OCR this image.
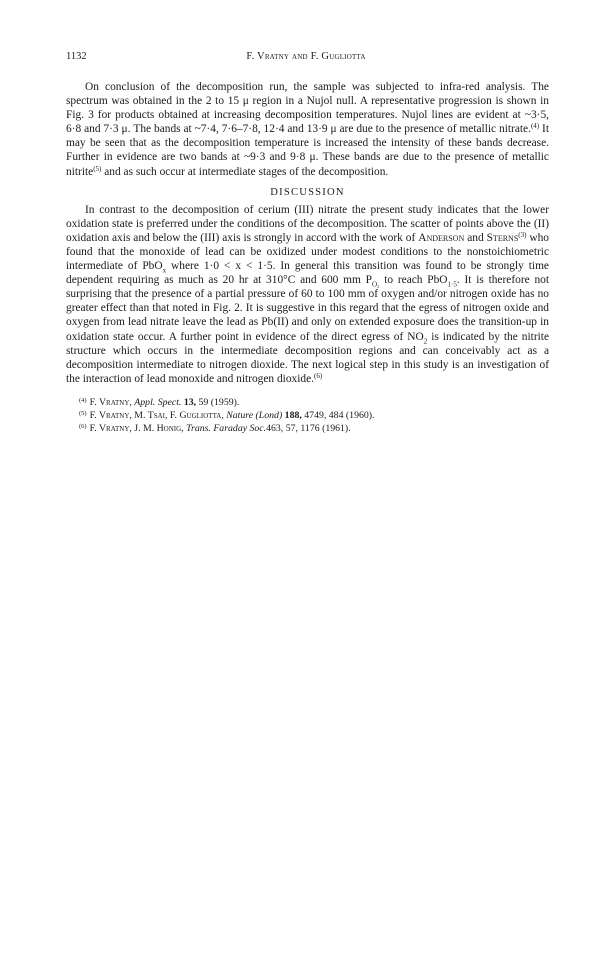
1132	F. Vratny and F. Gugliotta

On conclusion of the decomposition run, the sample was subjected to infra-red analysis. The spectrum was obtained in the 2 to 15 μ region in a Nujol null. A representative progression is shown in Fig. 3 for products obtained at increasing decomposition temperatures. Nujol lines are evident at ~3·5, 6·8 and 7·3 μ. The bands at ~7·4, 7·6–7·8, 12·4 and 13·9 μ are due to the presence of metallic nitrate.$^{(4)}$ It may be seen that as the decomposition temperature is increased the intensity of these bands decrease. Further in evidence are two bands at ~9·3 and 9·8 μ. These bands are due to the presence of metallic nitrite$^{(5)}$ and as such occur at intermediate stages of the decomposition.

DISCUSSION

In contrast to the decomposition of cerium (III) nitrate the present study indicates that the lower oxidation state is preferred under the conditions of the decomposition. The scatter of points above the (II) oxidation axis and below the (III) axis is strongly in accord with the work of Anderson and Sterns$^{(3)}$ who found that the monoxide of lead can be oxidized under modest conditions to the nonstoichiometric intermediate of PbO$_x$ where 1·0 < x < 1·5. In general this transition was found to be strongly time dependent requiring as much as 20 hr at 310°C and 600 mm $P_{O_2}$ to reach PbO$_{1\cdot 5}$. It is therefore not surprising that the presence of a partial pressure of 60 to 100 mm of oxygen and/or nitrogen oxide has no greater effect than that noted in Fig. 2. It is suggestive in this regard that the egress of nitrogen oxide and oxygen from lead nitrate leave the lead as Pb(II) and only on extended exposure does the transition-up in oxidation state occur. A further point in evidence of the direct egress of $NO_2$ is indicated by the nitrite structure which occurs in the intermediate decomposition regions and can conceivably act as a decomposition intermediate to nitrogen dioxide. The next logical step in this study is an investigation of the interaction of lead monoxide and nitrogen dioxide.$^{(6)}$

$^{(4)}$ F. Vratny, Appl. Spect. 13, 59 (1959).

$^{(5)}$ F. Vratny, M. Tsai, F. Gugliotta, Nature (Lond) 188, 4749, 484 (1960).

$^{(6)}$ F. Vratny, J. M. Honig, Trans. Faraday Soc.463, 57, 1176 (1961).
